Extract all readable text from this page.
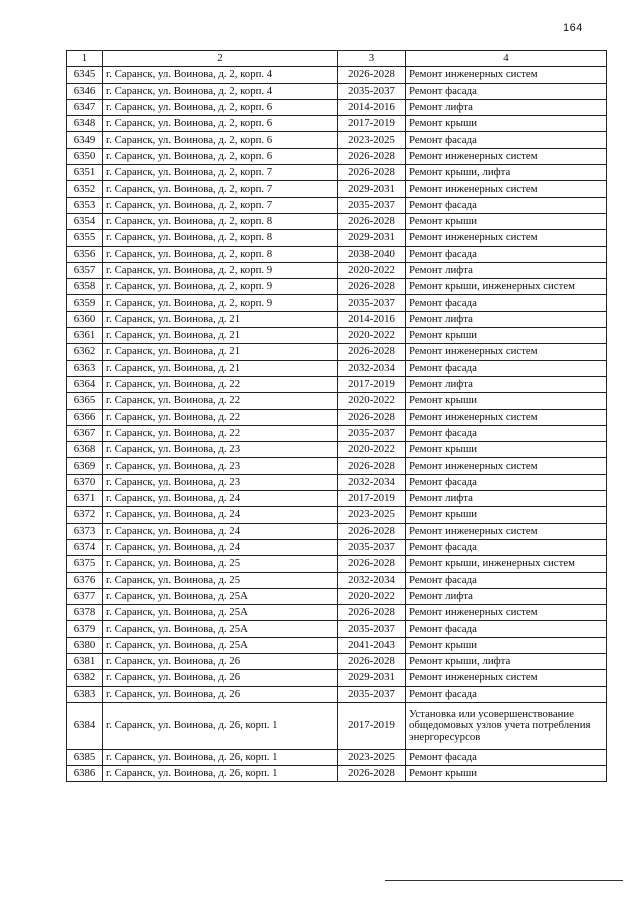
164
1	2	3	4
6345	г. Саранск, ул. Воинова, д. 2, корп. 4	2026-2028	Ремонт инженерных систем
6346	г. Саранск, ул. Воинова, д. 2, корп. 4	2035-2037	Ремонт фасада
6347	г. Саранск, ул. Воинова, д. 2, корп. 6	2014-2016	Ремонт лифта
6348	г. Саранск, ул. Воинова, д. 2, корп. 6	2017-2019	Ремонт крыши
6349	г. Саранск, ул. Воинова, д. 2, корп. 6	2023-2025	Ремонт фасада
6350	г. Саранск, ул. Воинова, д. 2, корп. 6	2026-2028	Ремонт инженерных систем
6351	г. Саранск, ул. Воинова, д. 2, корп. 7	2026-2028	Ремонт крыши, лифта
6352	г. Саранск, ул. Воинова, д. 2, корп. 7	2029-2031	Ремонт инженерных систем
6353	г. Саранск, ул. Воинова, д. 2, корп. 7	2035-2037	Ремонт фасада
6354	г. Саранск, ул. Воинова, д. 2, корп. 8	2026-2028	Ремонт крыши
6355	г. Саранск, ул. Воинова, д. 2, корп. 8	2029-2031	Ремонт инженерных систем
6356	г. Саранск, ул. Воинова, д. 2, корп. 8	2038-2040	Ремонт фасада
6357	г. Саранск, ул. Воинова, д. 2, корп. 9	2020-2022	Ремонт лифта
6358	г. Саранск, ул. Воинова, д. 2, корп. 9	2026-2028	Ремонт крыши, инженерных систем
6359	г. Саранск, ул. Воинова, д. 2, корп. 9	2035-2037	Ремонт фасада
6360	г. Саранск, ул. Воинова, д. 21	2014-2016	Ремонт лифта
6361	г. Саранск, ул. Воинова, д. 21	2020-2022	Ремонт крыши
6362	г. Саранск, ул. Воинова, д. 21	2026-2028	Ремонт инженерных систем
6363	г. Саранск, ул. Воинова, д. 21	2032-2034	Ремонт фасада
6364	г. Саранск, ул. Воинова, д. 22	2017-2019	Ремонт лифта
6365	г. Саранск, ул. Воинова, д. 22	2020-2022	Ремонт крыши
6366	г. Саранск, ул. Воинова, д. 22	2026-2028	Ремонт инженерных систем
6367	г. Саранск, ул. Воинова, д. 22	2035-2037	Ремонт фасада
6368	г. Саранск, ул. Воинова, д. 23	2020-2022	Ремонт крыши
6369	г. Саранск, ул. Воинова, д. 23	2026-2028	Ремонт инженерных систем
6370	г. Саранск, ул. Воинова, д. 23	2032-2034	Ремонт фасада
6371	г. Саранск, ул. Воинова, д. 24	2017-2019	Ремонт лифта
6372	г. Саранск, ул. Воинова, д. 24	2023-2025	Ремонт крыши
6373	г. Саранск, ул. Воинова, д. 24	2026-2028	Ремонт инженерных систем
6374	г. Саранск, ул. Воинова, д. 24	2035-2037	Ремонт фасада
6375	г. Саранск, ул. Воинова, д. 25	2026-2028	Ремонт крыши, инженерных систем
6376	г. Саранск, ул. Воинова, д. 25	2032-2034	Ремонт фасада
6377	г. Саранск, ул. Воинова, д. 25А	2020-2022	Ремонт лифта
6378	г. Саранск, ул. Воинова, д. 25А	2026-2028	Ремонт инженерных систем
6379	г. Саранск, ул. Воинова, д. 25А	2035-2037	Ремонт фасада
6380	г. Саранск, ул. Воинова, д. 25А	2041-2043	Ремонт крыши
6381	г. Саранск, ул. Воинова, д. 26	2026-2028	Ремонт крыши, лифта
6382	г. Саранск, ул. Воинова, д. 26	2029-2031	Ремонт инженерных систем
6383	г. Саранск, ул. Воинова, д. 26	2035-2037	Ремонт фасада
6384	г. Саранск, ул. Воинова, д. 26, корп. 1	2017-2019	Установка или усовершенствование общедомовых узлов учета потребления энергоресурсов
6385	г. Саранск, ул. Воинова, д. 26, корп. 1	2023-2025	Ремонт фасада
6386	г. Саранск, ул. Воинова, д. 26, корп. 1	2026-2028	Ремонт крыши
